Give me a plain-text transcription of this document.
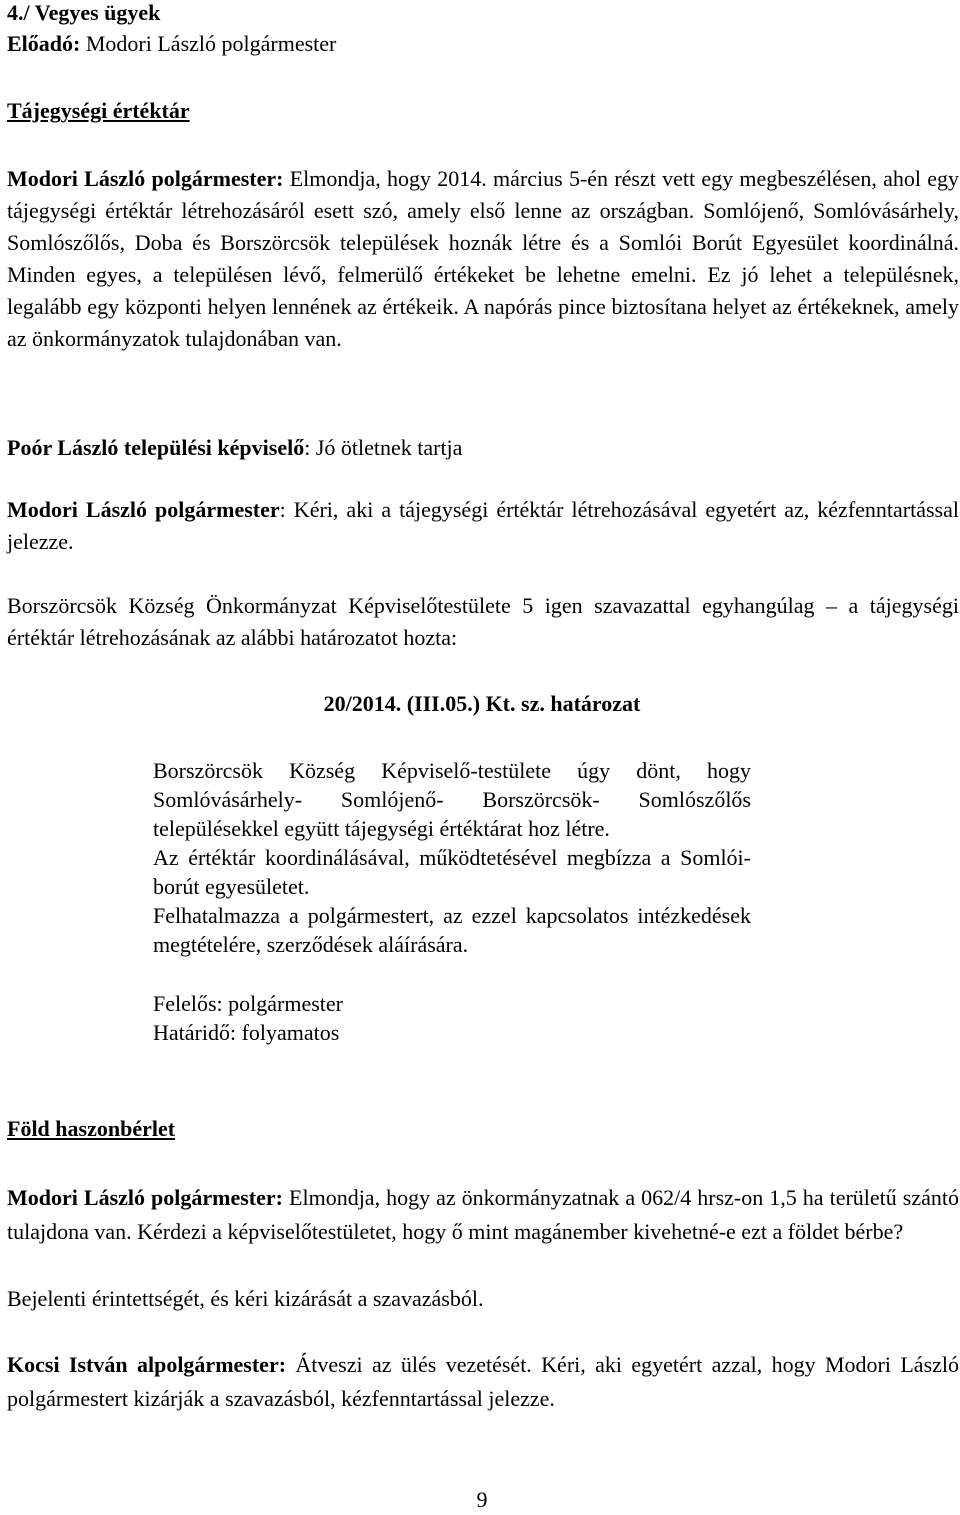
4./ Vegyes ügyek
Előadó: Modori László polgármester
Tájegységi értéktár

Modori László polgármester: Elmondja, hogy 2014. március 5-én részt vett egy megbeszélésen, ahol egy tájegységi értéktár létrehozásáról esett szó, amely első lenne az országban. Somlójenő, Somlóvásárhely, Somlószőlős, Doba és Borszörcsök települések hoznák létre és a Somlói Borút Egyesület koordinálná. Minden egyes, a településen lévő, felmerülő értékeket be lehetne emelni. Ez jó lehet a településnek, legalább egy központi helyen lennének az értékeik. A napórás pince biztosítana helyet az értékeknek, amely az önkormányzatok tulajdonában van.

Poór László települési képviselő: Jó ötletnek tartja

Modori László polgármester: Kéri, aki a tájegységi értéktár létrehozásával egyetért az, kézfenntartással jelezze.

Borszörcsök Község Önkormányzat Képviselőtestülete 5 igen szavazattal egyhangúlag – a tájegységi értéktár létrehozásának az alábbi határozatot hozta:

20/2014. (III.05.) Kt. sz. határozat

Borszörcsök Község Képviselő-testülete úgy dönt, hogy Somlóvásárhely- Somlójenő- Borszörcsök- Somlószőlős településekkel együtt tájegységi értéktárat hoz létre.

Az értéktár koordinálásával, működtetésével megbízza a Somlói-borút egyesületet.

Felhatalmazza a polgármestert, az ezzel kapcsolatos intézkedések megtételére, szerződések aláírására.

Felelős: polgármester

Határidő: folyamatos

Föld haszonbérlet

Modori László polgármester: Elmondja, hogy az önkormányzatnak a 062/4 hrsz-on 1,5 ha területű szántó tulajdona van. Kérdezi a képviselőtestületet, hogy ő mint magánember kivehetné-e ezt a földet bérbe?

Bejelenti érintettségét, és kéri kizárását a szavazásból.

Kocsi István alpolgármester: Átveszi az ülés vezetését. Kéri, aki egyetért azzal, hogy Modori László polgármestert kizárják a szavazásból, kézfenntartással jelezze.

9
